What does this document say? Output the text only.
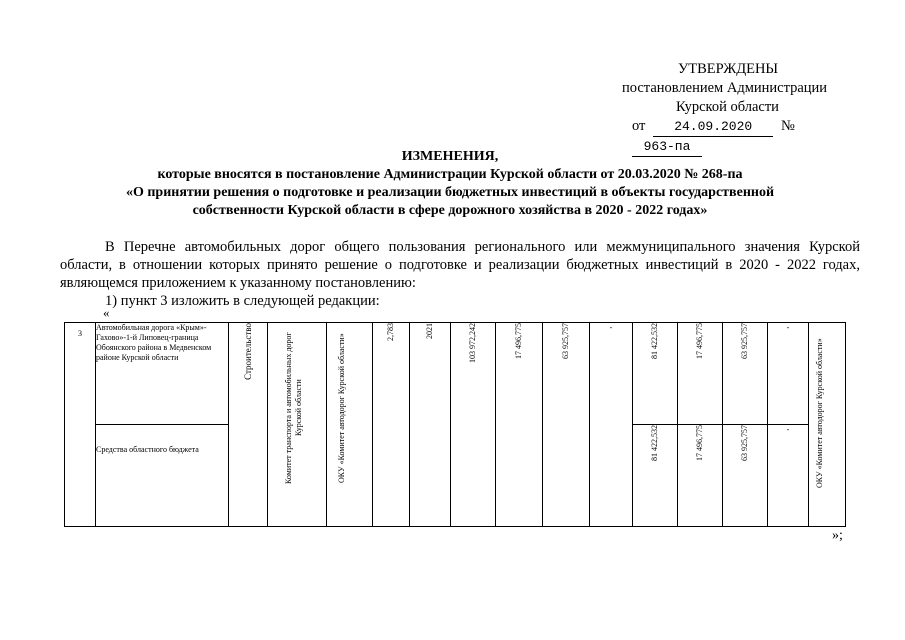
УТВЕРЖДЕНЫ
постановлением Администрации
Курской области
от 24.09.2020 №963-па
ИЗМЕНЕНИЯ,
которые вносятся в постановление Администрации Курской области от 20.03.2020 № 268-па
«О принятии решения о подготовке и реализации бюджетных инвестиций в объекты государственной
собственности Курской области в сфере дорожного хозяйства в 2020 - 2022 годах»

В Перечне автомобильных дорог общего пользования регионального или межмуниципального значения Курской области, в отношении которых принято решение о подготовке и реализации бюджетных инвестиций в 2020 - 2022 годах, являющемся приложением к указанному постановлению:

1) пункт 3 изложить в следующей редакции:

«
3	Автомобильная дорога «Крым»-Гахово»-1-й Липовец-граница Обоянского района в Медвенском районе Курской области	Строительство	Комитет транспорта и автомобильных дорог Курской области	ОКУ «Комитет автодорог Курской области»	2,783	2021	103 972,242	17 496,775	63 925,757	-	81 422,532	17 496,775	63 925,757	-	ОКУ «Комитет автодорог Курской области»

	Средства областного бюджета										81 422,532	17 496,775	63 925,757	-	
»;
